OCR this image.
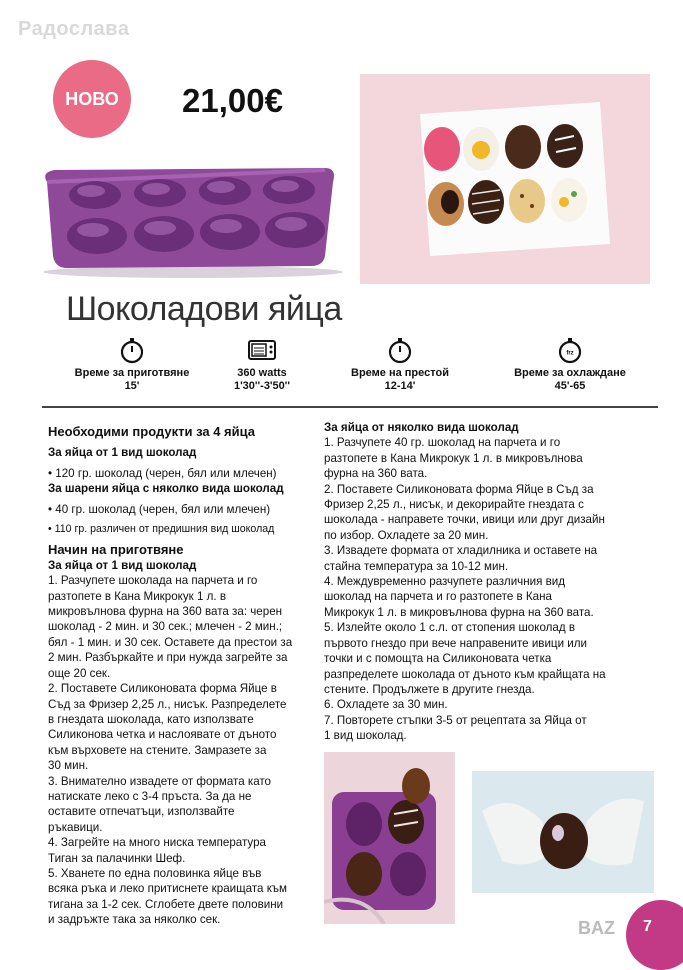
Радослава
НОВО 21,00€
Шоколадови яйца
Време за приготвяне
15'
360 watts
1'30''-3'50''
Време на престой
12-14'
frz
Време за охлаждане
45'-65

Необходими продукти за 4 яйца

За яйца от 1 вид шоколад

• 120 гр. шоколад (черен, бял или млечен)

За шарени яйца с няколко вида шоколад

• 40 гр. шоколад (черен, бял или млечен)

• 110 гр. различен от предишния вид шоколад

Начин на приготвяне

За яйца от 1 вид шоколад

1. Разчупете шоколада на парчета и го

разтопете в Кана Микрокук 1 л. в

микровълнова фурна на 360 вата за: черен

шоколад - 2 мин. и 30 сек.; млечен - 2 мин.;

бял - 1 мин. и 30 сек. Оставете да престои за

2 мин. Разбъркайте и при нужда загрейте за

още 20 сек.

2. Поставете Силиконовата форма Яйце в

Съд за Фризер 2,25 л., нисък. Разпределете

в гнездата шоколада, като използвате

Силиконова четка и наслоявате от дъното

към върховете на стените. Замразете за

30 мин.

3. Внимателно извадете от формата като

натискате леко с 3-4 пръста. За да не

оставите отпечатъци, използвайте

ръкавици.

4. Загрейте на много ниска температура

Тиган за палачинки Шеф.

5. Хванете по една половинка яйце във

всяка ръка и леко притиснете краищата към

тигана за 1-2 сек. Сглобете двете половини

и задръжте така за няколко сек.

За яйца от няколко вида шоколад

1. Разчупете 40 гр. шоколад на парчета и го

разтопете в Кана Микрокук 1 л. в микровълнова

фурна на 360 вата.

2. Поставете Силиконовата форма Яйце в Съд за

Фризер 2,25 л., нисък, и декорирайте гнездата с

шоколада - направете точки, ивици или друг дизайн

по избор. Охладете за 20 мин.

3. Извадете формата от хладилника и оставете на

стайна температура за 10-12 мин.

4. Междувременно разчупете различния вид

шоколад на парчета и го разтопете в Кана

Микрокук 1 л. в микровълнова фурна на 360 вата.

5. Излейте около 1 с.л. от стопения шоколад в

първото гнездо при вече направените ивици или

точки и с помощта на Силиконовата четка

разпределете шоколада от дъното към крайщата на

стените. Продължете в другите гнезда.

6. Охладете за 30 мин.

7. Повторете стъпки 3-5 от рецептата за Яйца от

1 вид шоколад.

BAZ 7
